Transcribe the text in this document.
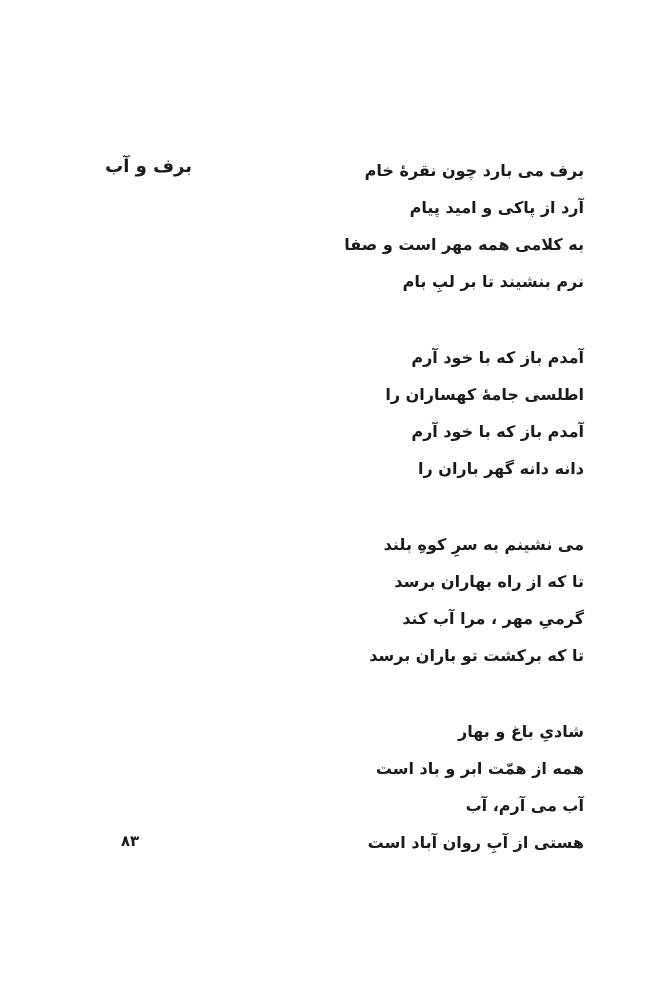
برف و آب	برف می بارد چون نقرهٔ خام
آرد از پاکی و امید پیام
به کلامی همه مهر است و صفا
نرم بنشیند تا بر لبِ بام
آمدم باز که با خود آرم
اطلسی جامهٔ کهساران را
آمدم باز که با خود آرم
دانه دانه گهر باران را
می نشینم به سرِ کوهِ بلند
تا که از راه بهاران برسد
گرمیِ مهر ، مرا آب کند
تا که برکشت تو باران برسد
شادیِ باغ و بهار
همه از همّت ابر و باد است
آب می آرم، آب
هستی از آبِ روان آباد است
۸۳
